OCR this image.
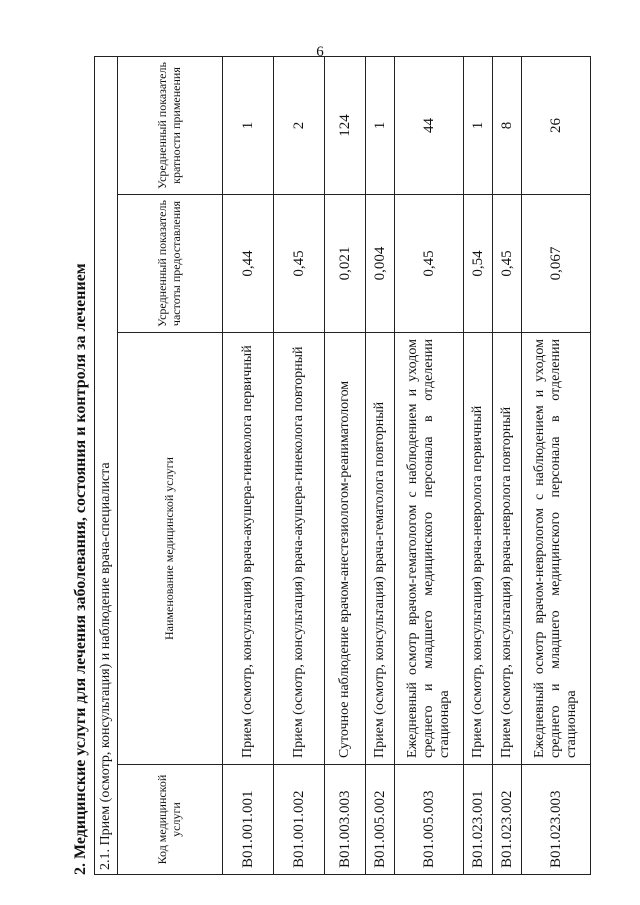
6
2. Медицинские услуги для лечения заболевания, состояния и контроля за лечением 2.1. Прием (осмотр, консультация) и наблюдение врача-специалиста			
Код медицинской услуги	Наименование медицинской услуги	Усредненный показатель частоты предоставления	Усредненный показатель кратности применения
B01.001.001	Прием (осмотр, консультация) врача-акушера-гинеколога первичный	0,44	1
B01.001.002	Прием (осмотр, консультация) врача-акушера-гинеколога повторный	0,45	2
B01.003.003	Суточное наблюдение врачом-анестезиологом-реаниматологом	0,021	124
B01.005.002	Прием (осмотр, консультация) врача-гематолога повторный	0,004	1
B01.005.003	Ежедневный осмотр врачом-гематологом с наблюдением и уходом среднего и младшего медицинского персонала в отделении стационара	0,45	44
B01.023.001	Прием (осмотр, консультация) врача-невролога первичный	0,54	1
B01.023.002	Прием (осмотр, консультация) врача-невролога повторный	0,45	8
B01.023.003	Ежедневный осмотр врачом-неврологом с наблюдением и уходом среднего и младшего медицинского персонала в отделении стационара	0,067	26
